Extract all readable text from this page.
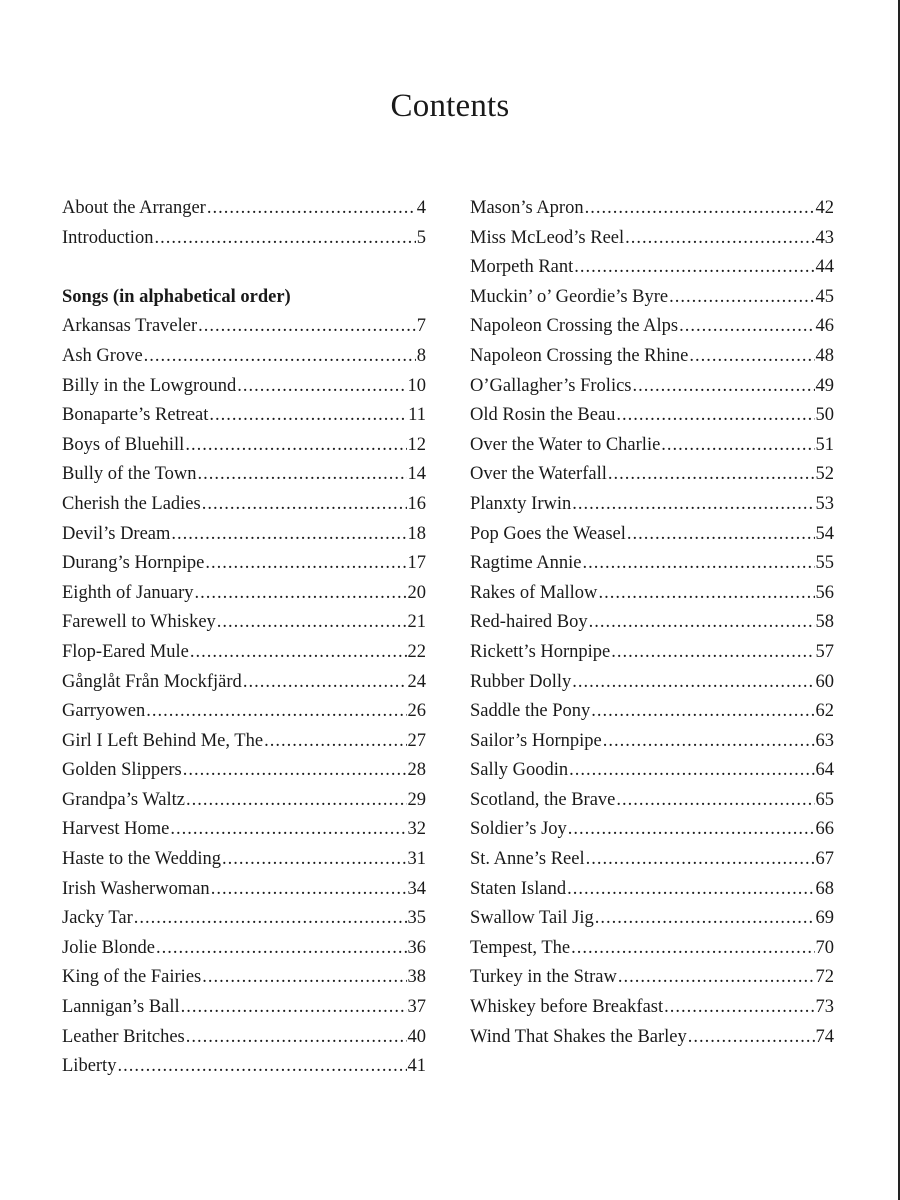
Contents
About the Arranger .....	4
Introduction .....	5
Songs (in alphabetical order)
Arkansas Traveler .....	7
Ash Grove .....	8
Billy in the Lowground .....	10
Bonaparte’s Retreat .....	11
Boys of Bluehill .....	12
Bully of the Town .....	14
Cherish the Ladies .....	16
Devil’s Dream .....	18
Durang’s Hornpipe .....	17
Eighth of January .....	20
Farewell to Whiskey .....	21
Flop-Eared Mule .....	22
Gånglåt Från Mockfjärd .....	24
Garryowen .....	26
Girl I Left Behind Me, The .....	27
Golden Slippers .....	28
Grandpa’s Waltz .....	29
Harvest Home .....	32
Haste to the Wedding .....	31
Irish Washerwoman .....	34
Jacky Tar .....	35
Jolie Blonde .....	36
King of the Fairies .....	38
Lannigan’s Ball .....	37
Leather Britches .....	40
Liberty .....	41
Mason’s Apron .....	42
Miss McLeod’s Reel .....	43
Morpeth Rant .....	44
Muckin’ o’ Geordie’s Byre .....	45
Napoleon Crossing the Alps .....	46
Napoleon Crossing the Rhine .....	48
O’Gallagher’s Frolics .....	49
Old Rosin the Beau .....	50
Over the Water to Charlie .....	51
Over the Waterfall .....	52
Planxty Irwin .....	53
Pop Goes the Weasel .....	54
Ragtime Annie .....	55
Rakes of Mallow .....	56
Red-haired Boy .....	58
Rickett’s Hornpipe .....	57
Rubber Dolly .....	60
Saddle the Pony .....	62
Sailor’s Hornpipe .....	63
Sally Goodin .....	64
Scotland, the Brave .....	65
Soldier’s Joy .....	66
St. Anne’s Reel .....	67
Staten Island .....	68
Swallow Tail Jig .....	69
Tempest, The .....	70
Turkey in the Straw .....	72
Whiskey before Breakfast .....	73
Wind That Shakes the Barley .....	74
